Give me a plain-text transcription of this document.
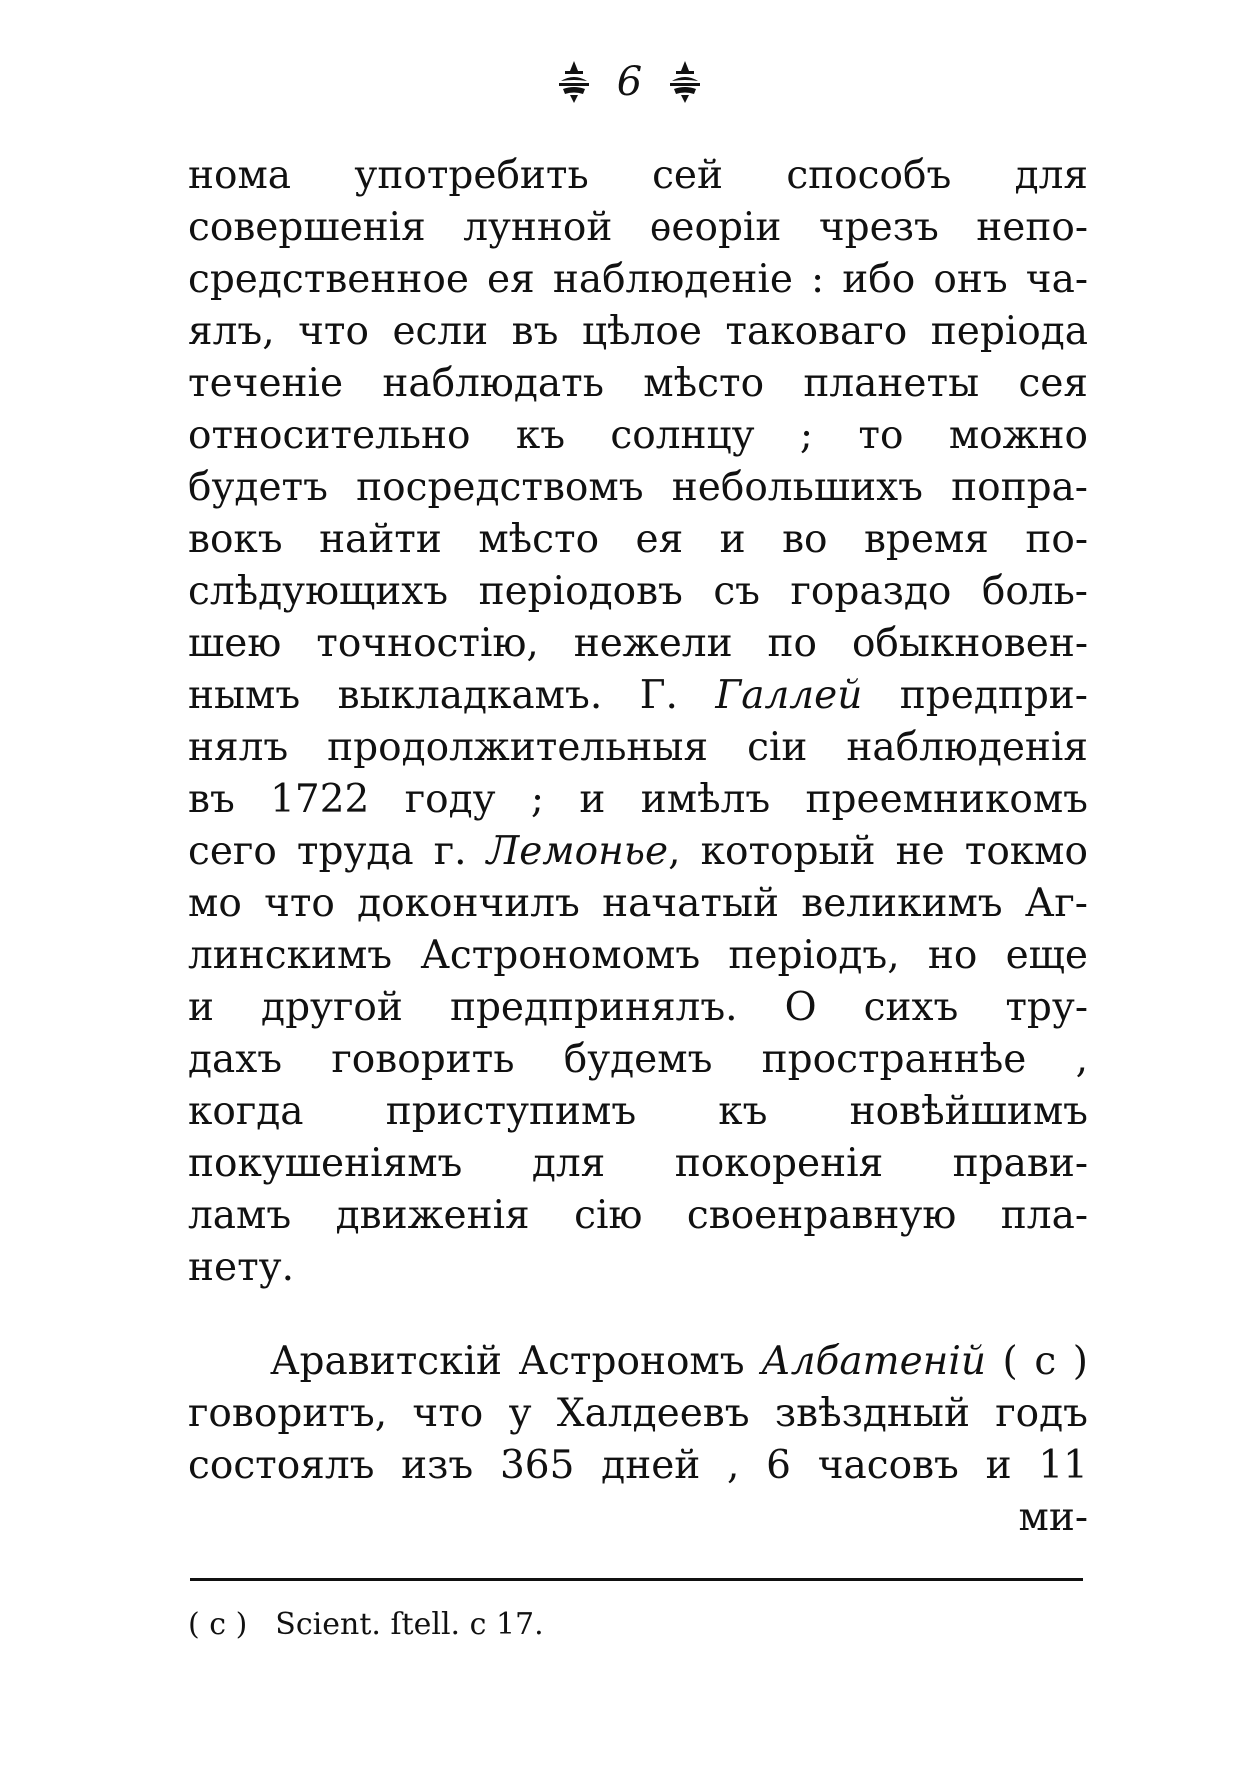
6
нома употребить сей способъ для
совершенія лунной ѳеоріи чрезъ непо-
средственное ея наблюденіе : ибо онъ ча-
ялъ, что если въ цѣлое таковаго періода
теченіе наблюдать мѣсто планеты сея
относительно къ солнцу ; то можно
будетъ посредствомъ небольшихъ попра-
вокъ найти мѣсто ея и во время по-
слѣдующихъ періодовъ съ гораздо боль-
шею точностію, нежели по обыкновен-
нымъ выкладкамъ. Г. Галлей предпри-
нялъ продолжительныя сіи наблюденія
въ 1722 году ; и имѣлъ преемникомъ
сего труда г. Лемонье, который не токмо
мо что докончилъ начатый великимъ Аг-
линскимъ Астрономомъ періодъ, но еще
и другой предпринялъ. О сихъ тру-
дахъ говорить будемъ пространнѣе ,
когда приступимъ къ новѣйшимъ
покушеніямъ для покоренія прави-
ламъ движенія сію своенравную пла-
нету.
Аравитскій Астрономъ Албатеній ( c )
говоритъ, что у Халдеевъ звѣздный годъ
состоялъ изъ 365 дней , 6 часовъ и 11
ми-
( c ) Scient. ſtell. c 17.
